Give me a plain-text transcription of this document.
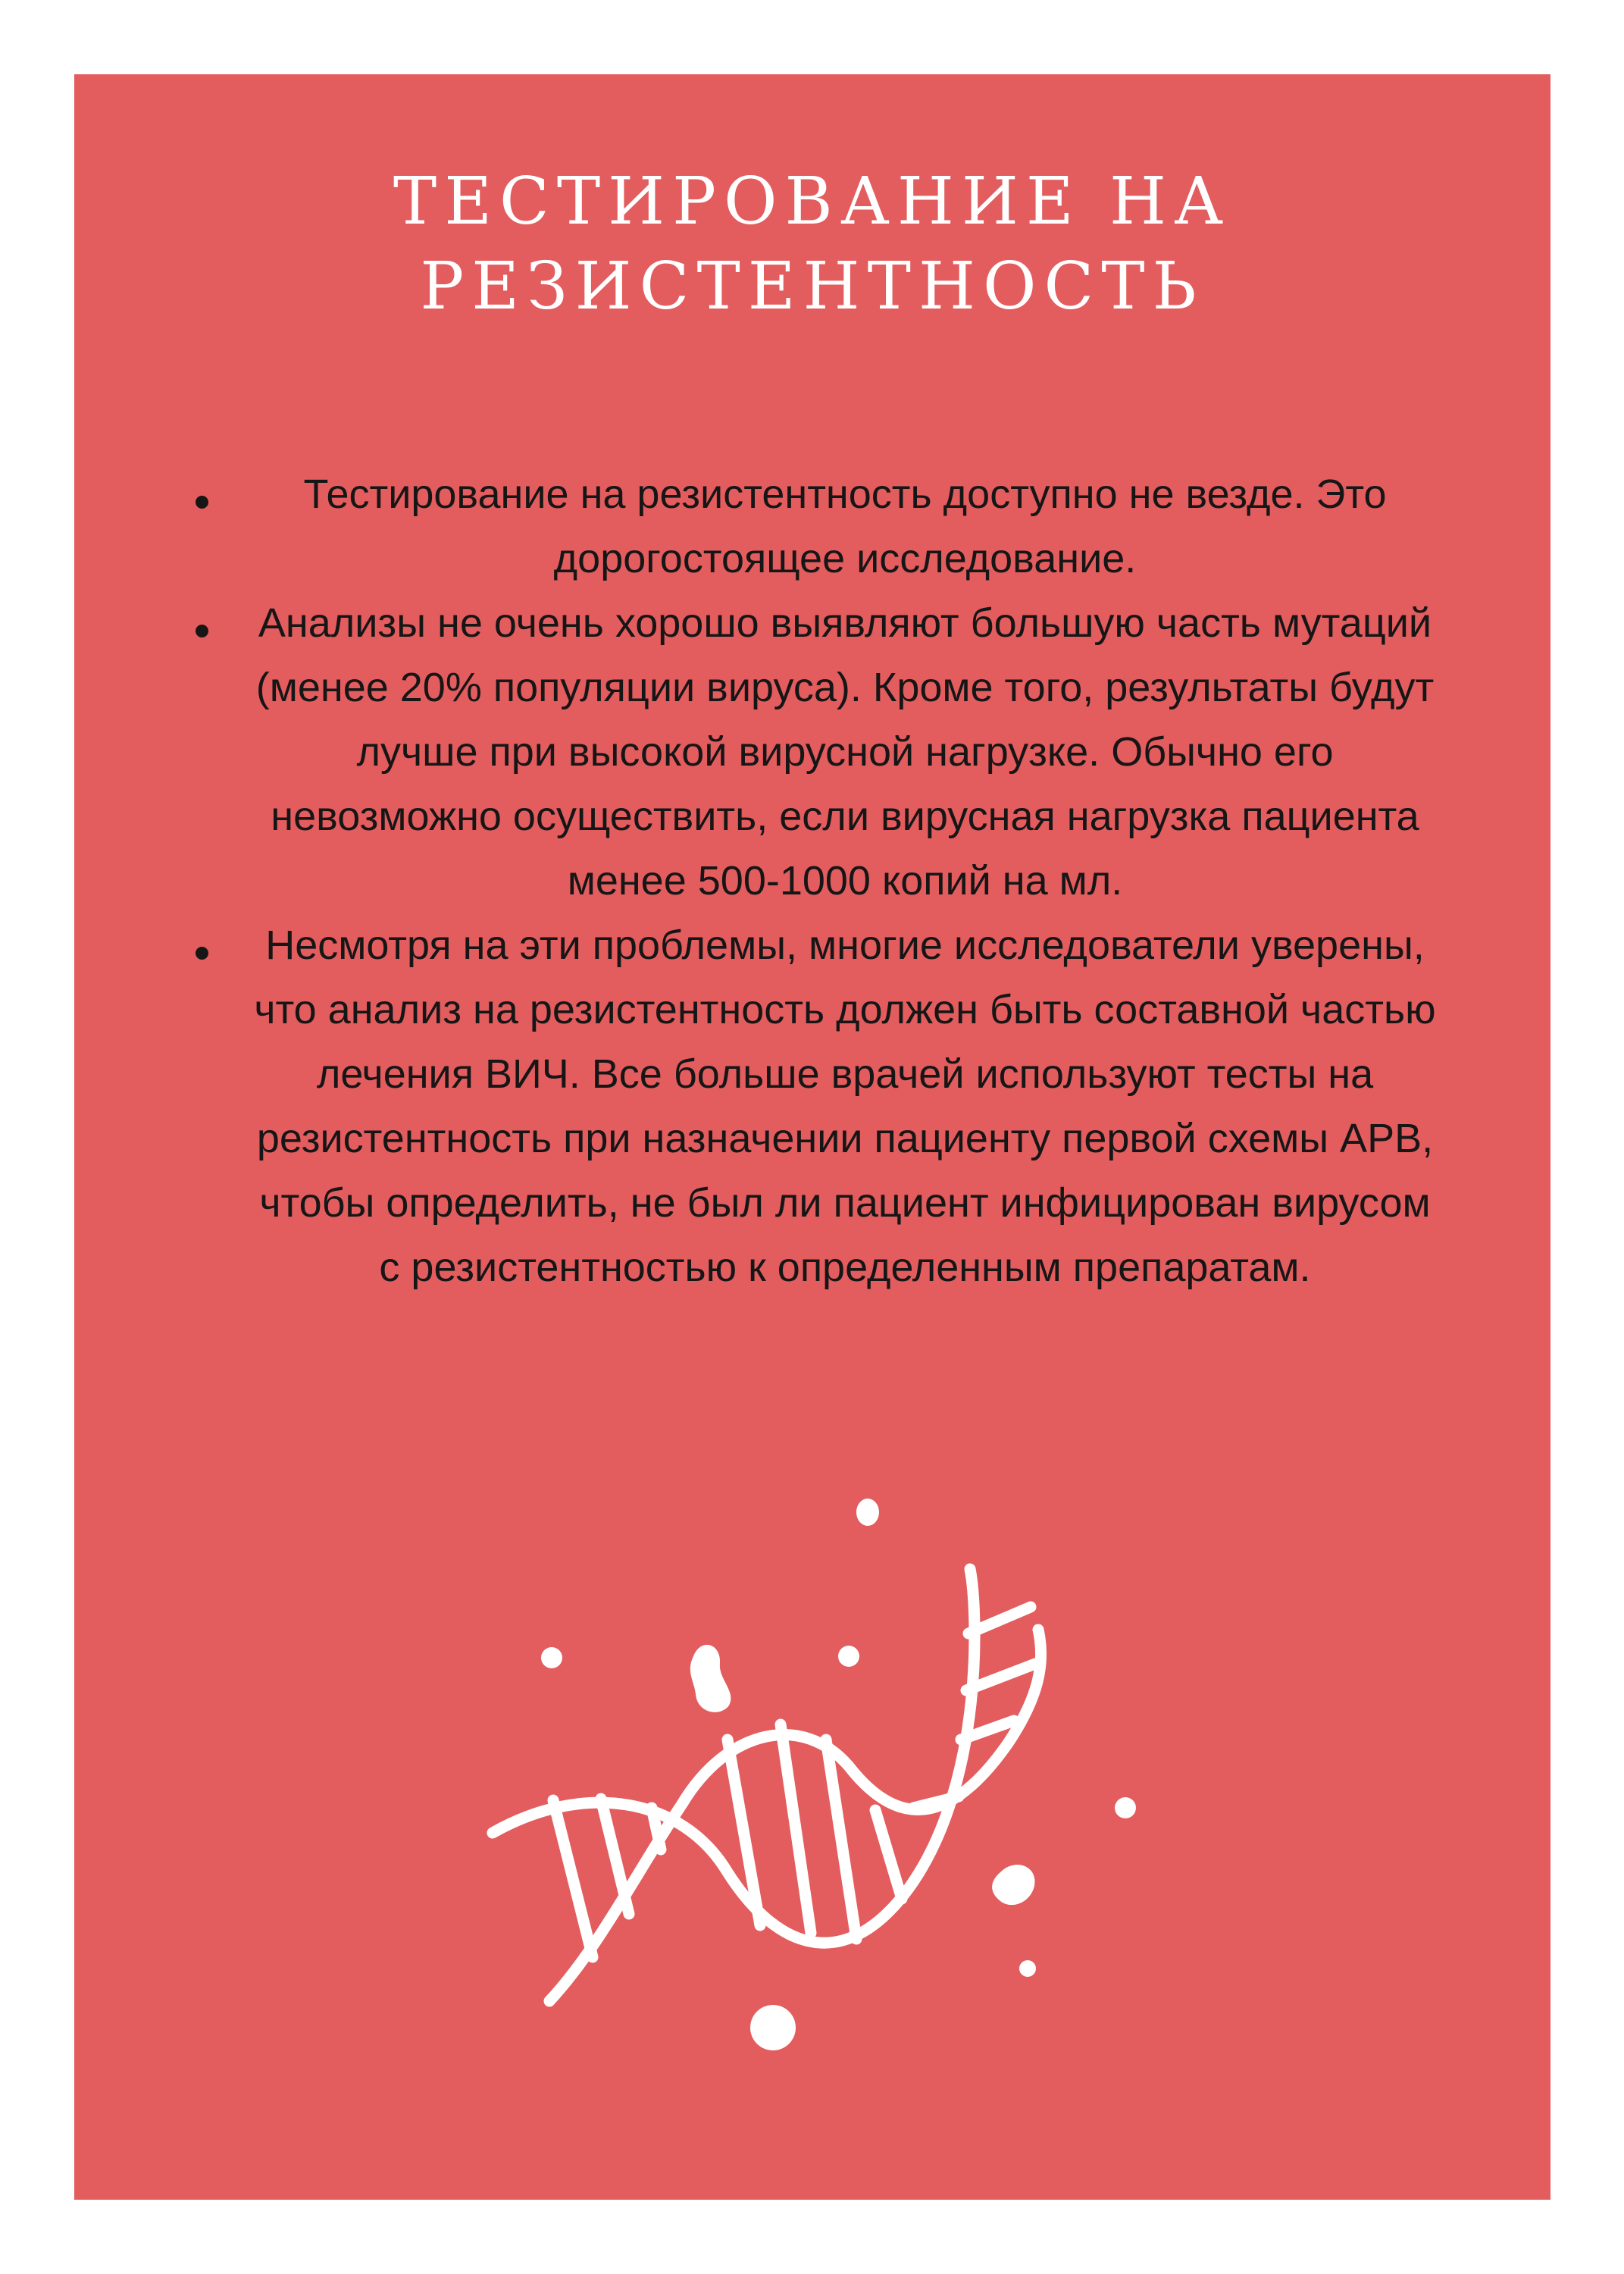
ТЕСТИРОВАНИЕ НА
РЕЗИСТЕНТНОСТЬ
Тестирование на резистентность доступно не везде. Это дорогостоящее исследование.
Анализы не очень хорошо выявляют большую часть мутаций (менее 20% популяции вируса). Кроме того, результаты будут лучше при высокой вирусной нагрузке. Обычно его невозможно осуществить, если вирусная нагрузка пациента менее 500-1000 копий на мл.
Несмотря на эти проблемы, многие исследователи уверены, что анализ на резистентность должен быть составной частью лечения ВИЧ. Все больше врачей используют тесты на резистентность при назначении пациенту первой схемы АРВ, чтобы определить, не был ли пациент инфицирован вирусом с резистентностью к определенным препаратам.
